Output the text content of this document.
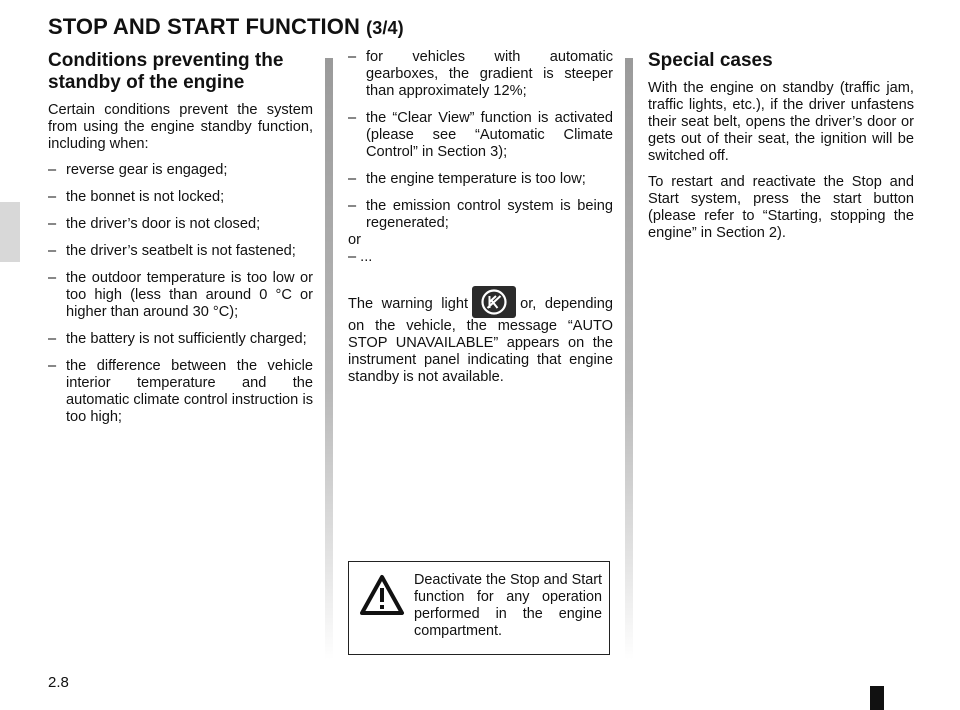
STOP AND START FUNCTION (3/4)
Conditions preventing the standby of the engine

Certain conditions prevent the system from using the engine standby function, including when:

– reverse gear is engaged;
– the bonnet is not locked;
– the driver’s door is not closed;
– the driver’s seatbelt is not fastened;
– the outdoor temperature is too low or too high (less than around 0 °C or higher than around 30 °C);
– the battery is not sufficiently charged;
– the difference between the vehicle interior temperature and the automatic climate control instruction is too high;
– for vehicles with automatic gearboxes, the gradient is steeper than approximately 12%;
– the “Clear View” function is activated (please see “Automatic Climate Control” in Section 3);
– the engine temperature is too low;
– the emission control system is being regenerated;
or
– ...

The warning light	or, depending on the vehicle, the message “AUTO STOP UNAVAILABLE” appears on the instrument panel indicating that engine standby is not available.

Deactivate the Stop and Start function for any operation performed in the engine compartment.

Special cases

With the engine on standby (traffic jam, traffic lights, etc.), if the driver unfastens their seat belt, opens the driver’s door or gets out of their seat, the ignition will be switched off.

To restart and reactivate the Stop and Start system, press the start button (please refer to “Starting, stopping the engine” in Section 2).

2.8
